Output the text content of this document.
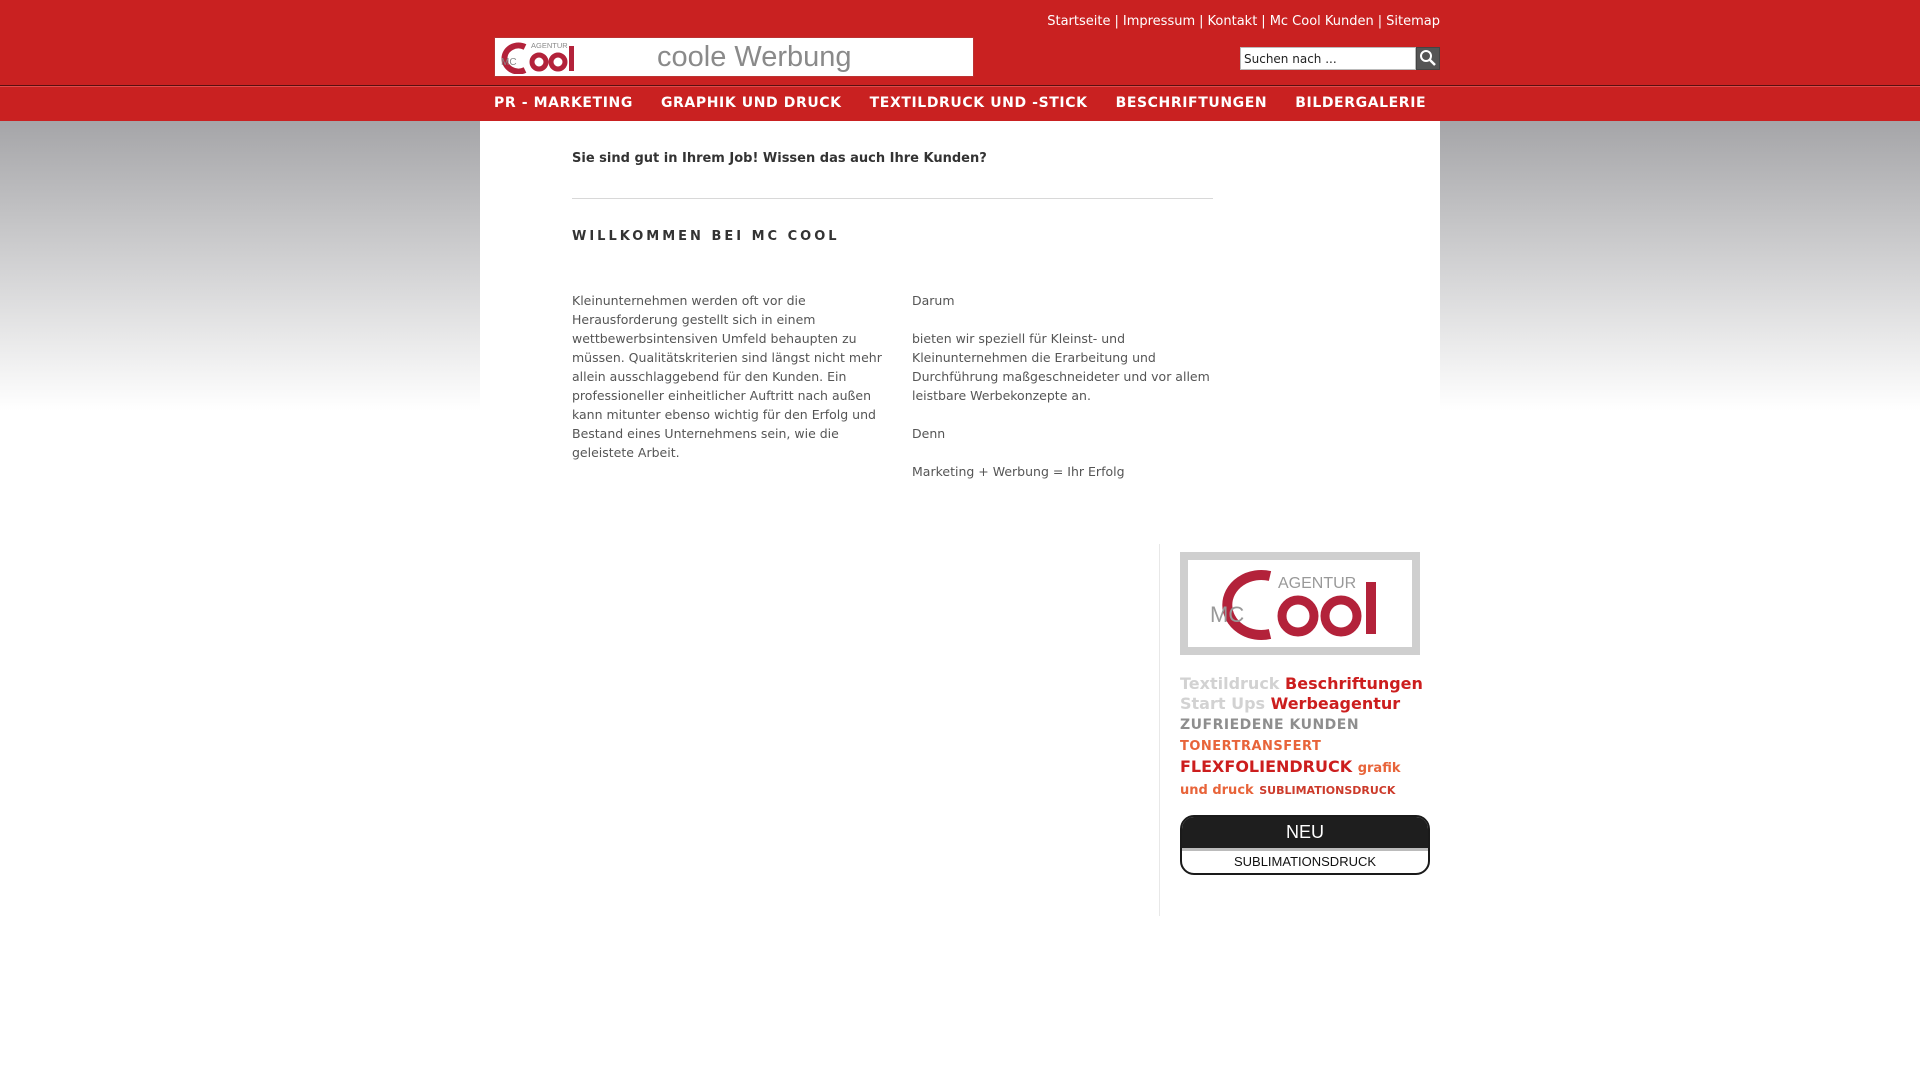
Startseite | Impressum | Kontakt | Mc Cool Kunden | Sitemap
AGENTUR
MC	coole Werbung
Suchen nach ...
PR - MARKETING GRAPHIK UND DRUCK TEXTILDRUCK UND -STICK BESCHRIFTUNGEN BILDERGALERIE
Sie sind gut in Ihrem Job! Wissen das auch Ihre Kunden?
WILLKOMMEN BEI MC COOL

Kleinunternehmen werden oft vor die Herausforderung gestellt sich in einem wettbewerbsintensiven Umfeld behaupten zu müssen. Qualitätskriterien sind längst nicht mehr allein ausschlaggebend für den Kunden. Ein professioneller einheitlicher Auftritt nach außen kann mitunter ebenso wichtig für den Erfolg und Bestand eines Unternehmens sein, wie die geleistete Arbeit.

Darum

bieten wir speziell für Kleinst- und Kleinunternehmen die Erarbeitung und Durchführung maßgeschneideter und vor allem leistbare Werbekonzepte an.

Denn

Marketing + Werbung = Ihr Erfolg

AGENTUR
MC
Textildruck Beschriftungen
Start Ups Werbeagentur
ZUFRIEDENE KUNDEN
TONERTRANSFERT
FLEXFOLIENDRUCK grafik und druck SUBLIMATIONSDRUCK
NEU
SUBLIMATIONSDRUCK
